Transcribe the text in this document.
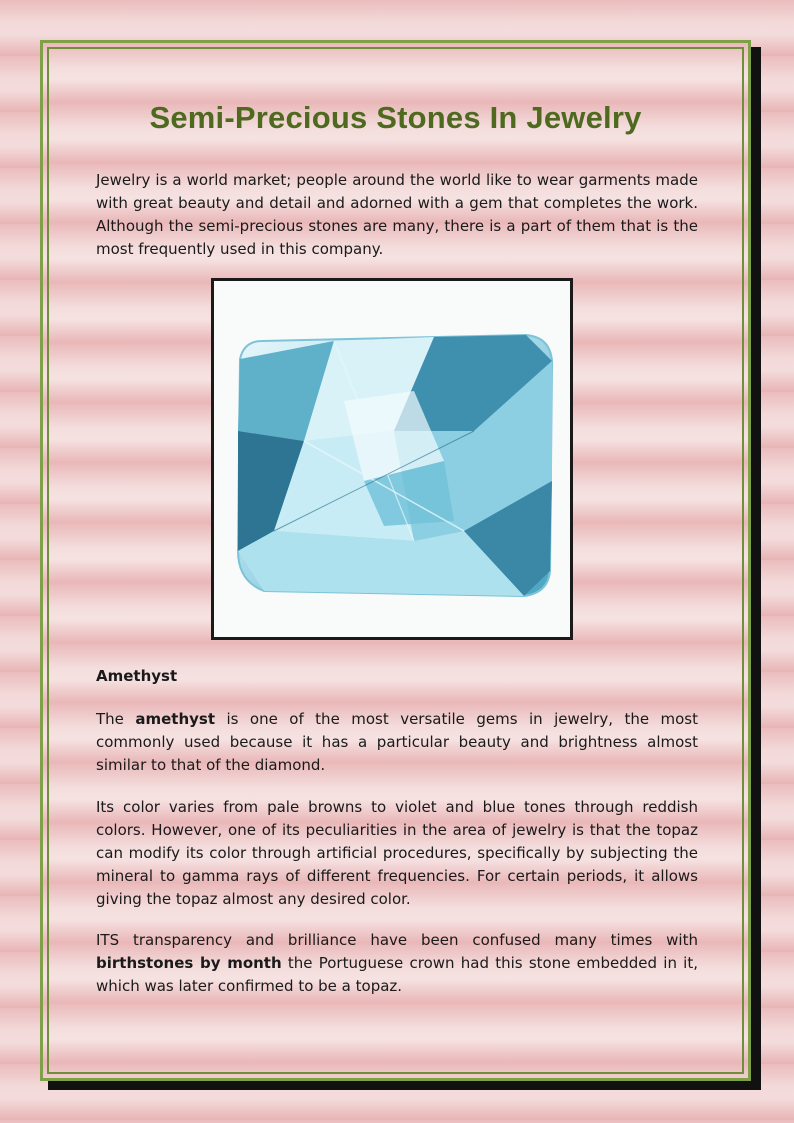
Semi-Precious Stones In Jewelry

Jewelry is a world market; people around the world like to wear garments made with great beauty and detail and adorned with a gem that completes the work. Although the semi-precious stones are many, there is a part of them that is the most frequently used in this company.

Amethyst

The amethyst is one of the most versatile gems in jewelry, the most commonly used because it has a particular beauty and brightness almost similar to that of the diamond.

Its color varies from pale browns to violet and blue tones through reddish colors. However, one of its peculiarities in the area of jewelry is that the topaz can modify its color through artificial procedures, specifically by subjecting the mineral to gamma rays of different frequencies. For certain periods, it allows giving the topaz almost any desired color.

ITS transparency and brilliance have been confused many times with birthstones by month the Portuguese crown had this stone embedded in it, which was later confirmed to be a topaz.
